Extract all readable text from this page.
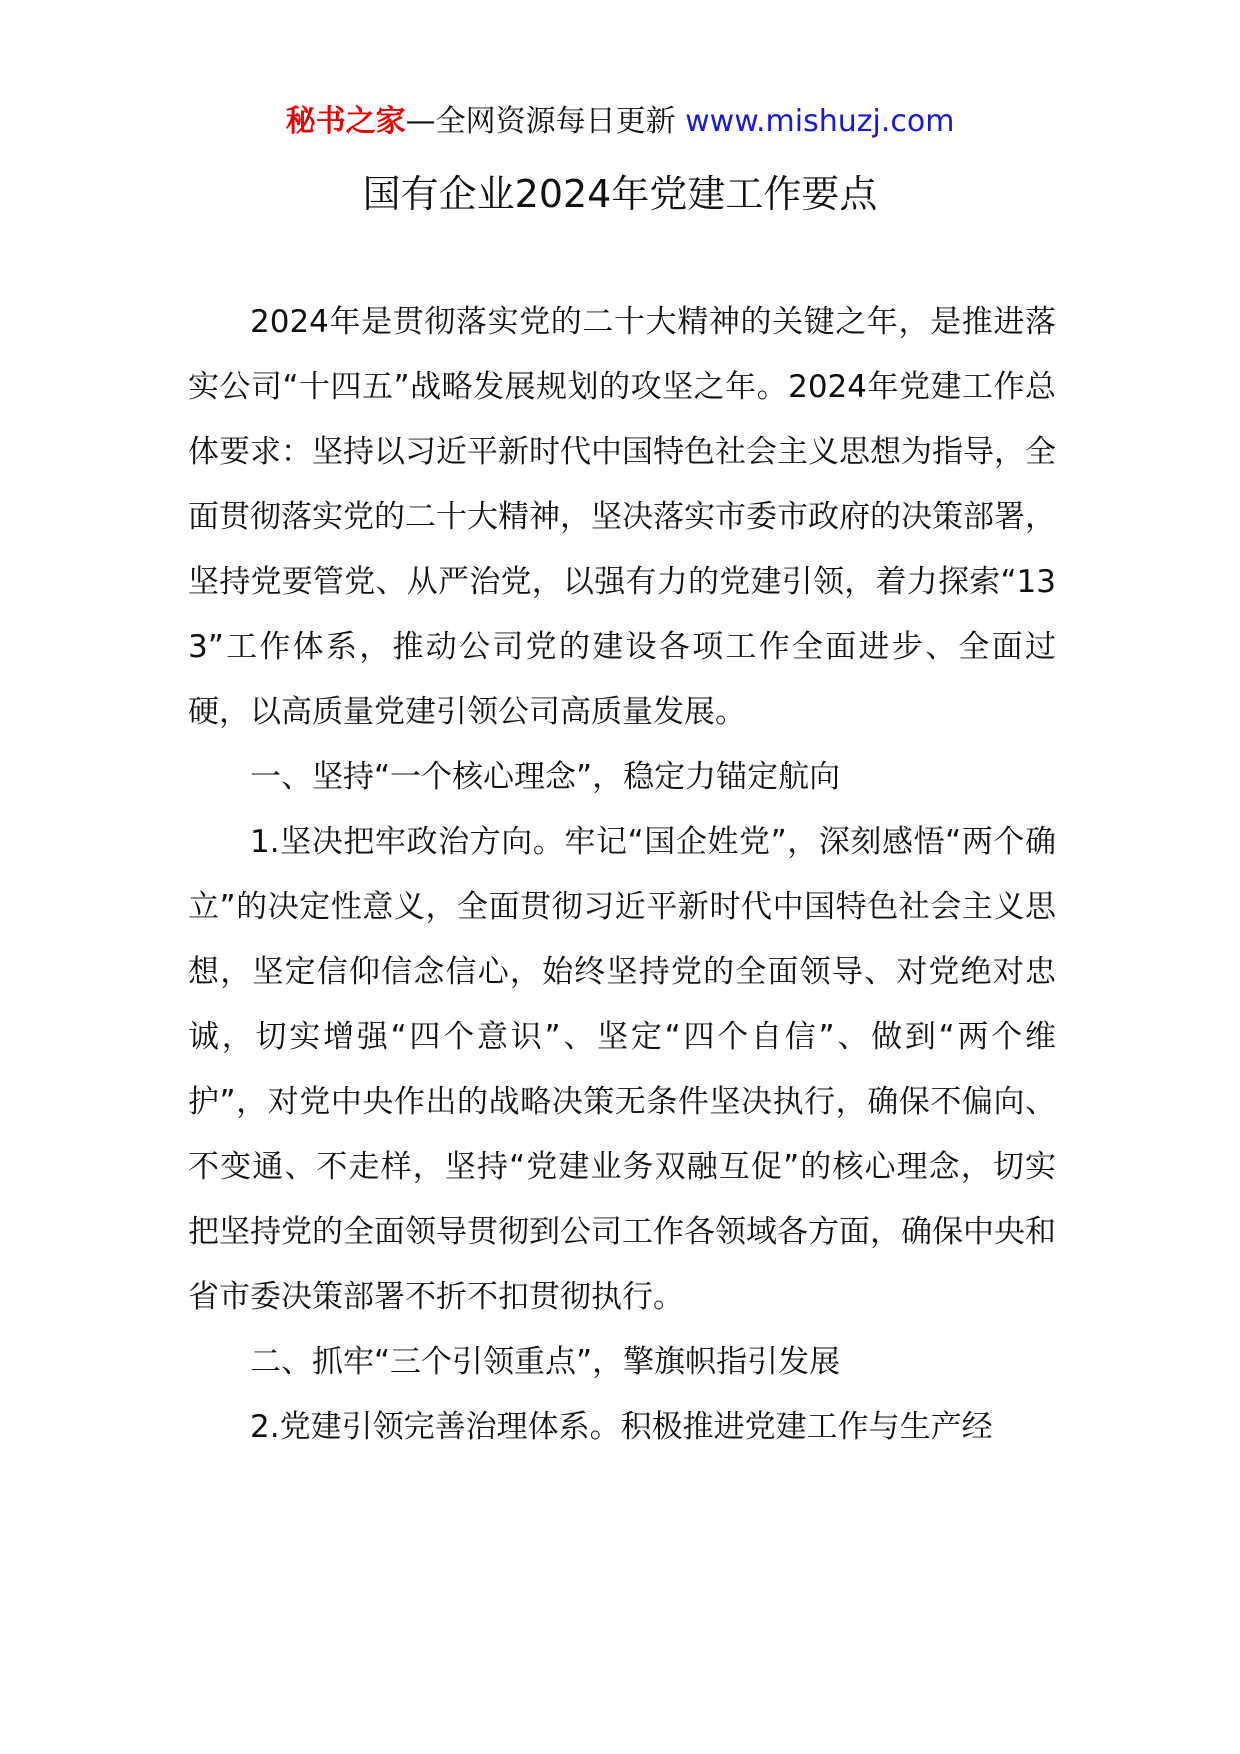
秘书之家—全网资源每日更新 www.mishuzj.com
国有企业2024年党建工作要点

2024年是贯彻落实党的二十大精神的关键之年，是推进落实公司“十四五”战略发展规划的攻坚之年。2024年党建工作总体要求：坚持以习近平新时代中国特色社会主义思想为指导，全面贯彻落实党的二十大精神，坚决落实市委市政府的决策部署，坚持党要管党、从严治党，以强有力的党建引领，着力探索“133”工作体系，推动公司党的建设各项工作全面进步、全面过硬，以高质量党建引领公司高质量发展。

一、坚持“一个核心理念”，稳定力锚定航向

1.坚决把牢政治方向。牢记“国企姓党”，深刻感悟“两个确立”的决定性意义，全面贯彻习近平新时代中国特色社会主义思想，坚定信仰信念信心，始终坚持党的全面领导、对党绝对忠诚，切实增强“四个意识”、坚定“四个自信”、做到“两个维护”，对党中央作出的战略决策无条件坚决执行，确保不偏向、不变通、不走样，坚持“党建业务双融互促”的核心理念，切实把坚持党的全面领导贯彻到公司工作各领域各方面，确保中央和省市委决策部署不折不扣贯彻执行。

二、抓牢“三个引领重点”，擎旗帜指引发展

2.党建引领完善治理体系。积极推进党建工作与生产经
